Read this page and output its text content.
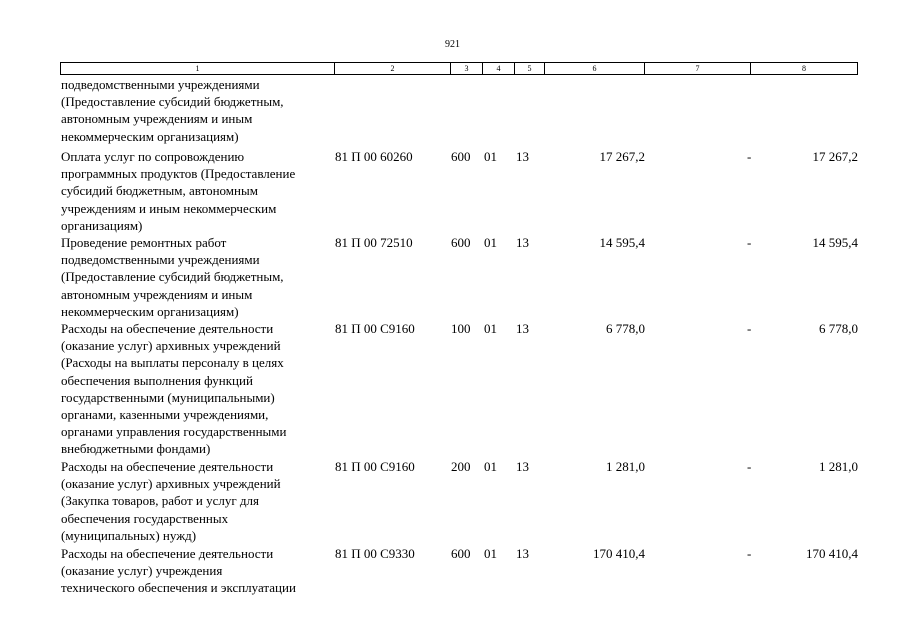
921
1	2	3	4	5	6	7	8
подведомственными учреждениями
(Предоставление субсидий бюджетным,
автономным учреждениям и иным
некоммерческим организациям)
Оплата услуг по сопровождению
программных продуктов (Предоставление
субсидий бюджетным, автономным
учреждениям и иным некоммерческим
организациям)
81 П 00 60260	600 01 13	17 267,2	-	17 267,2
Проведение ремонтных работ
подведомственными учреждениями
(Предоставление субсидий бюджетным,
автономным учреждениям и иным
некоммерческим организациям)
81 П 00 72510	600 01 13	14 595,4	-	14 595,4
Расходы на обеспечение деятельности
(оказание услуг) архивных учреждений
(Расходы на выплаты персоналу в целях
обеспечения выполнения функций
государственными (муниципальными)
органами, казенными учреждениями,
органами управления государственными
внебюджетными фондами)
81 П 00 С9160	100 01 13	6 778,0	-	6 778,0
Расходы на обеспечение деятельности
(оказание услуг) архивных учреждений
(Закупка товаров, работ и услуг для
обеспечения государственных
(муниципальных) нужд)
81 П 00 С9160	200 01 13	1 281,0	-	1 281,0
Расходы на обеспечение деятельности
(оказание услуг) учреждения
технического обеспечения и эксплуатации
81 П 00 С9330	600 01 13	170 410,4	-	170 410,4
